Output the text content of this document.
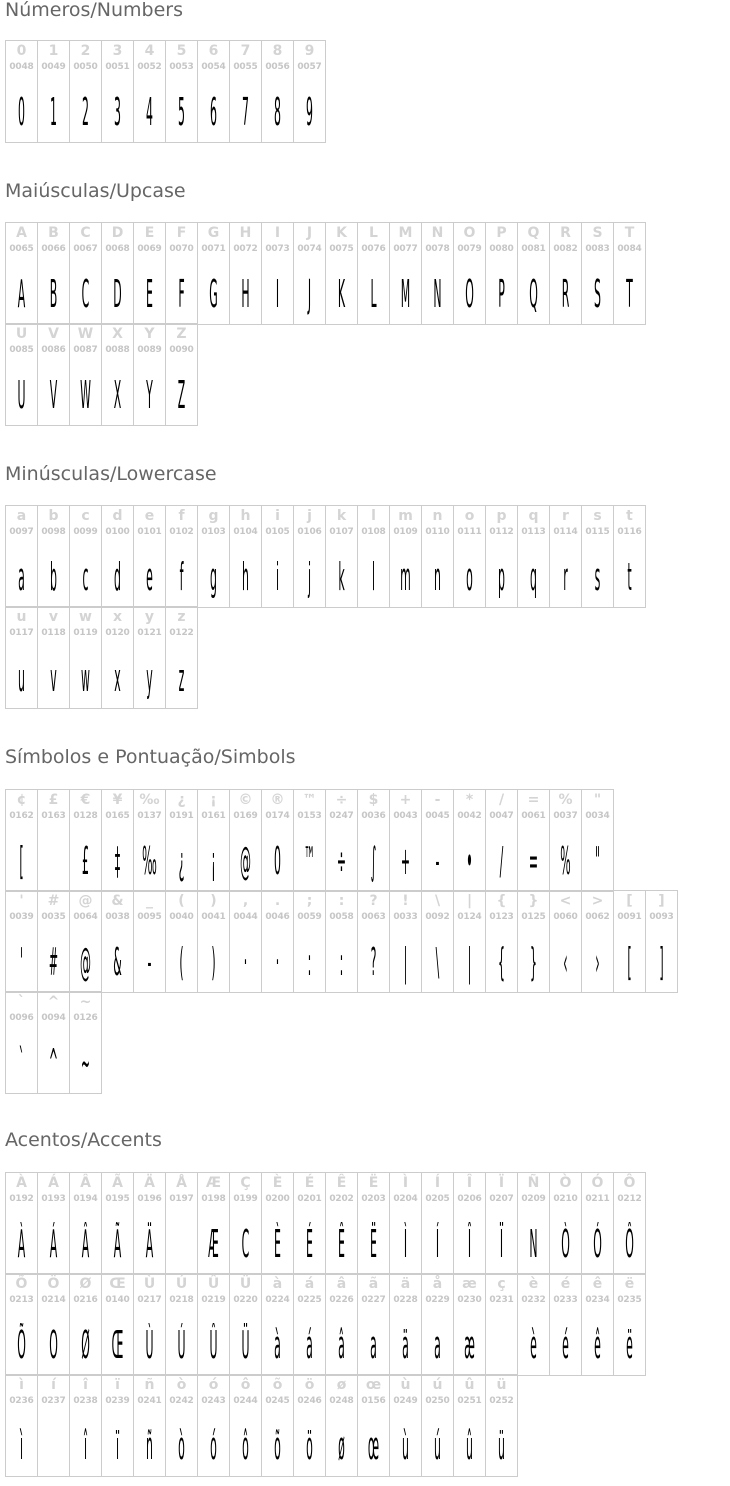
Números/Numbers
0
0048
0
1
0049
1
2
0050
2
3
0051
3
4
0052
4
5
0053
5
6
0054
6
7
0055
7
8
0056
8
9
0057
9
Maiúsculas/Upcase
A
0065
A
B
0066
B
C
0067
C
D
0068
D
E
0069
E
F
0070
F
G
0071
G
H
0072
H
I
0073
I
J
0074
J
K
0075
K
L
0076
L
M
0077
M
N
0078
N
O
0079
O
P
0080
P
Q
0081
Q
R
0082
R
S
0083
S
T
0084
T
U
0085
U
V
0086
V
W
0087
W
X
0088
X
Y
0089
Y
Z
0090
Z
Minúsculas/Lowercase
a
0097
a
b
0098
b
c
0099
c
d
0100
d
e
0101
e
f
0102
f
g
0103
g
h
0104
h
i
0105
i
j
0106
j
k
0107
k
l
0108
l
m
0109
m
n
0110
n
o
0111
o
p
0112
p
q
0113
q
r
0114
r
s
0115
s
t
0116
t
u
0117
u
v
0118
v
w
0119
w
x
0120
x
y
0121
y
z
0122
z
Símbolos e Pontuação/Simbols
¢
0162
[
£
0163
€
0128
£
¥
0165
‡
‰
0137
‰
¿
0191
¿
¡
0161
¡
©
0169
@
®
0174
0
™
0153
™
÷
0247
÷
$
0036
∫
+
0043
+
-
0045
-
*
0042
•
/
0047
/
=
0061
=
%
0037
%
"
0034
"
'
0039
'
#
0035
#
@
0064
@
&
0038
&
_
0095
-
(
0040
(
)
0041
)
,
0044
·
.
0046
·
;
0059
:
:
0058
:
?
0063
?
!
0033
|
\
0092
\
|
0124
|
{
0123
{
}
0125
}
<
0060
‹
>
0062
›
[
0091
[
]
0093
]
`
0096
`
^
0094
^
~
0126
~
Acentos/Accents
À
0192
À
Á
0193
Á
Â
0194
Â
Ã
0195
Ã
Ä
0196
Ä
Å
0197
Æ
0198
Æ
Ç
0199
C
È
0200
È
É
0201
É
Ê
0202
Ê
Ë
0203
Ë
Ì
0204
Ì
Í
0205
Í
Î
0206
Î
Ï
0207
Ï
Ñ
0209
N
Ò
0210
Ò
Ó
0211
Ó
Ô
0212
Ô
Õ
0213
Õ
Ö
0214
O
Ø
0216
Ø
Œ
0140
Œ
Ù
0217
Ù
Ú
0218
Ú
Û
0219
Û
Ü
0220
Ü
à
0224
à
á
0225
á
â
0226
â
ã
0227
a
ä
0228
ä
å
0229
a
æ
0230
æ
ç
0231
è
0232
è
é
0233
é
ê
0234
ê
ë
0235
ë
ì
0236
ì
í
0237
î
0238
î
ï
0239
ï
ñ
0241
ñ
ò
0242
ò
ó
0243
ó
ô
0244
ô
õ
0245
õ
ö
0246
ö
ø
0248
ø
œ
0156
œ
ù
0249
ù
ú
0250
ú
û
0251
û
ü
0252
ü
